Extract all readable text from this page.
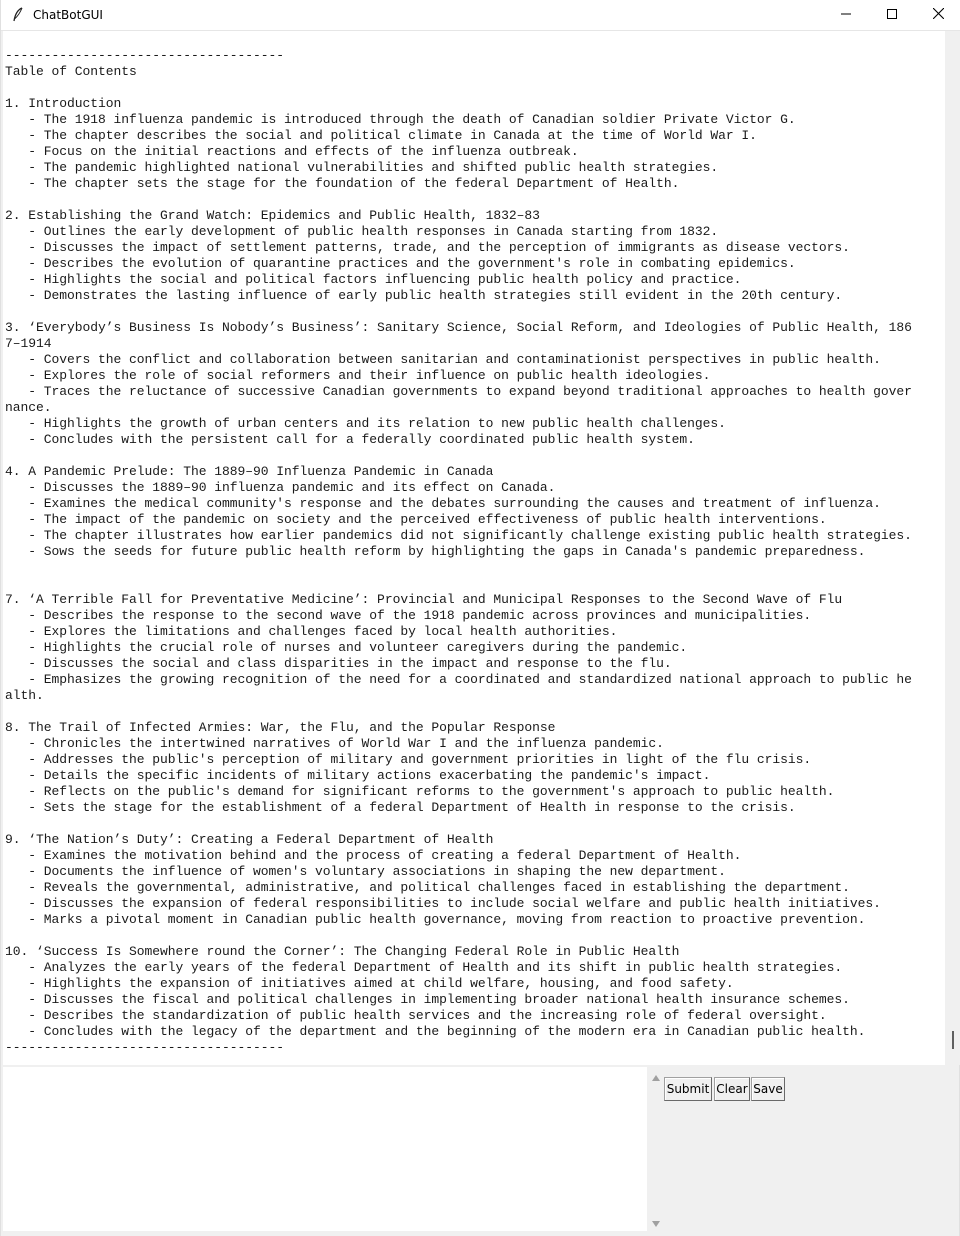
ChatBotGUI
------------------------------------
Table of Contents

1. Introduction
- The 1918 influenza pandemic is introduced through the death of Canadian soldier Private Victor G.
- The chapter describes the social and political climate in Canada at the time of World War I.
- Focus on the initial reactions and effects of the influenza outbreak.
- The pandemic highlighted national vulnerabilities and shifted public health strategies.
- The chapter sets the stage for the foundation of the federal Department of Health.

2. Establishing the Grand Watch: Epidemics and Public Health, 1832–83
- Outlines the early development of public health responses in Canada starting from 1832.
- Discusses the impact of settlement patterns, trade, and the perception of immigrants as disease vectors.
- Describes the evolution of quarantine practices and the government's role in combating epidemics.
- Highlights the social and political factors influencing public health policy and practice.
- Demonstrates the lasting influence of early public health strategies still evident in the 20th century.

3. ‘Everybody’s Business Is Nobody’s Business’: Sanitary Science, Social Reform, and Ideologies of Public Health, 186
7–1914
- Covers the conflict and collaboration between sanitarian and contaminationist perspectives in public health.
- Explores the role of social reformers and their influence on public health ideologies.
- Traces the reluctance of successive Canadian governments to expand beyond traditional approaches to health gover
nance.
- Highlights the growth of urban centers and its relation to new public health challenges.
- Concludes with the persistent call for a federally coordinated public health system.

4. A Pandemic Prelude: The 1889–90 Influenza Pandemic in Canada
- Discusses the 1889–90 influenza pandemic and its effect on Canada.
- Examines the medical community's response and the debates surrounding the causes and treatment of influenza.
- The impact of the pandemic on society and the perceived effectiveness of public health interventions.
- The chapter illustrates how earlier pandemics did not significantly challenge existing public health strategies.
- Sows the seeds for future public health reform by highlighting the gaps in Canada's pandemic preparedness.

7. ‘A Terrible Fall for Preventative Medicine’: Provincial and Municipal Responses to the Second Wave of Flu
- Describes the response to the second wave of the 1918 pandemic across provinces and municipalities.
- Explores the limitations and challenges faced by local health authorities.
- Highlights the crucial role of nurses and volunteer caregivers during the pandemic.
- Discusses the social and class disparities in the impact and response to the flu.
- Emphasizes the growing recognition of the need for a coordinated and standardized national approach to public he
alth.

8. The Trail of Infected Armies: War, the Flu, and the Popular Response
- Chronicles the intertwined narratives of World War I and the influenza pandemic.
- Addresses the public's perception of military and government priorities in light of the flu crisis.
- Details the specific incidents of military actions exacerbating the pandemic's impact.
- Reflects on the public's demand for significant reforms to the government's approach to public health.
- Sets the stage for the establishment of a federal Department of Health in response to the crisis.

9. ‘The Nation’s Duty’: Creating a Federal Department of Health
- Examines the motivation behind and the process of creating a federal Department of Health.
- Documents the influence of women's voluntary associations in shaping the new department.
- Reveals the governmental, administrative, and political challenges faced in establishing the department.
- Discusses the expansion of federal responsibilities to include social welfare and public health initiatives.
- Marks a pivotal moment in Canadian public health governance, moving from reaction to proactive prevention.

10. ‘Success Is Somewhere round the Corner’: The Changing Federal Role in Public Health
- Analyzes the early years of the federal Department of Health and its shift in public health strategies.
- Highlights the expansion of initiatives aimed at child welfare, housing, and food safety.
- Discusses the fiscal and political challenges in implementing broader national health insurance schemes.
- Describes the standardization of public health services and the increasing role of federal oversight.
- Concludes with the legacy of the department and the beginning of the modern era in Canadian public health.
------------------------------------

Submit Clear Save
